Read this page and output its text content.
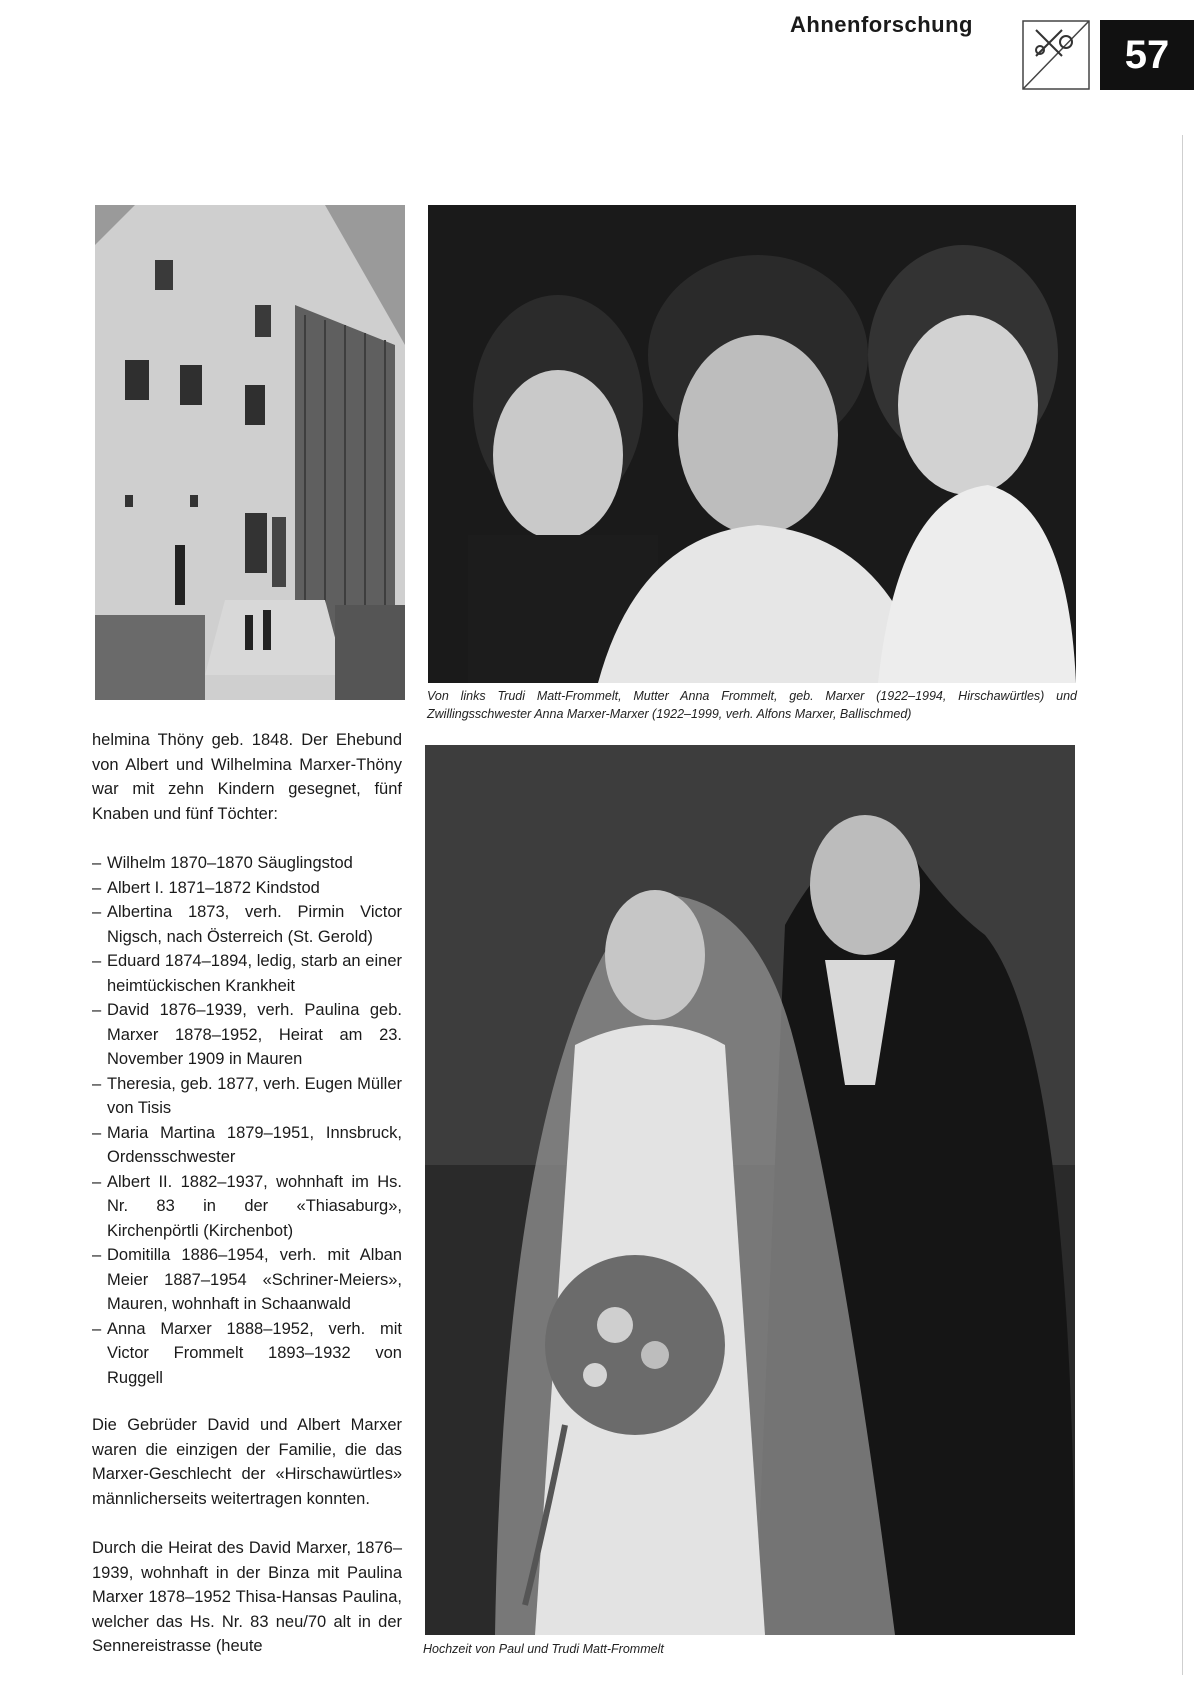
Ahnenforschung
57
Von links Trudi Matt-Frommelt, Mutter Anna Frommelt, geb. Marxer (1922–1994, Hirschawürtles) und Zwillingsschwester Anna Marxer-Marxer (1922–1999, verh. Alfons Marxer, Ballischmed)
Hochzeit von Paul und Trudi Matt-Frommelt

helmina Thöny geb. 1848. Der Ehebund von Albert und Wilhelmina Marxer-Thöny war mit zehn Kindern gesegnet, fünf Knaben und fünf Töchter:

– Wilhelm 1870–1870 Säuglingstod
– Albert I. 1871–1872 Kindstod
– Albertina 1873, verh. Pirmin Victor Nigsch, nach Österreich (St. Gerold)
– Eduard 1874–1894, ledig, starb an einer heimtückischen Krankheit
– David 1876–1939, verh. Paulina geb. Marxer 1878–1952, Heirat am 23. November 1909 in Mauren
– Theresia, geb. 1877, verh. Eugen Müller von Tisis
– Maria Martina 1879–1951, Innsbruck, Ordensschwester
– Albert II. 1882–1937, wohnhaft im Hs. Nr. 83 in der «Thiasaburg», Kirchenpörtli (Kirchenbot)
– Domitilla 1886–1954, verh. mit Alban Meier 1887–1954 «Schriner-Meiers», Mauren, wohnhaft in Schaanwald
– Anna Marxer 1888–1952, verh. mit Victor Frommelt 1893–1932 von Ruggell

Die Gebrüder David und Albert Marxer waren die einzigen der Familie, die das Marxer-Geschlecht der «Hirschawürtles» männlicherseits weitertragen konnten.

Durch die Heirat des David Marxer, 1876–1939, wohnhaft in der Binza mit Paulina Marxer 1878–1952 Thisa-Hansas Paulina, welcher das Hs. Nr. 83 neu/70 alt in der Sennereistrasse (heute
